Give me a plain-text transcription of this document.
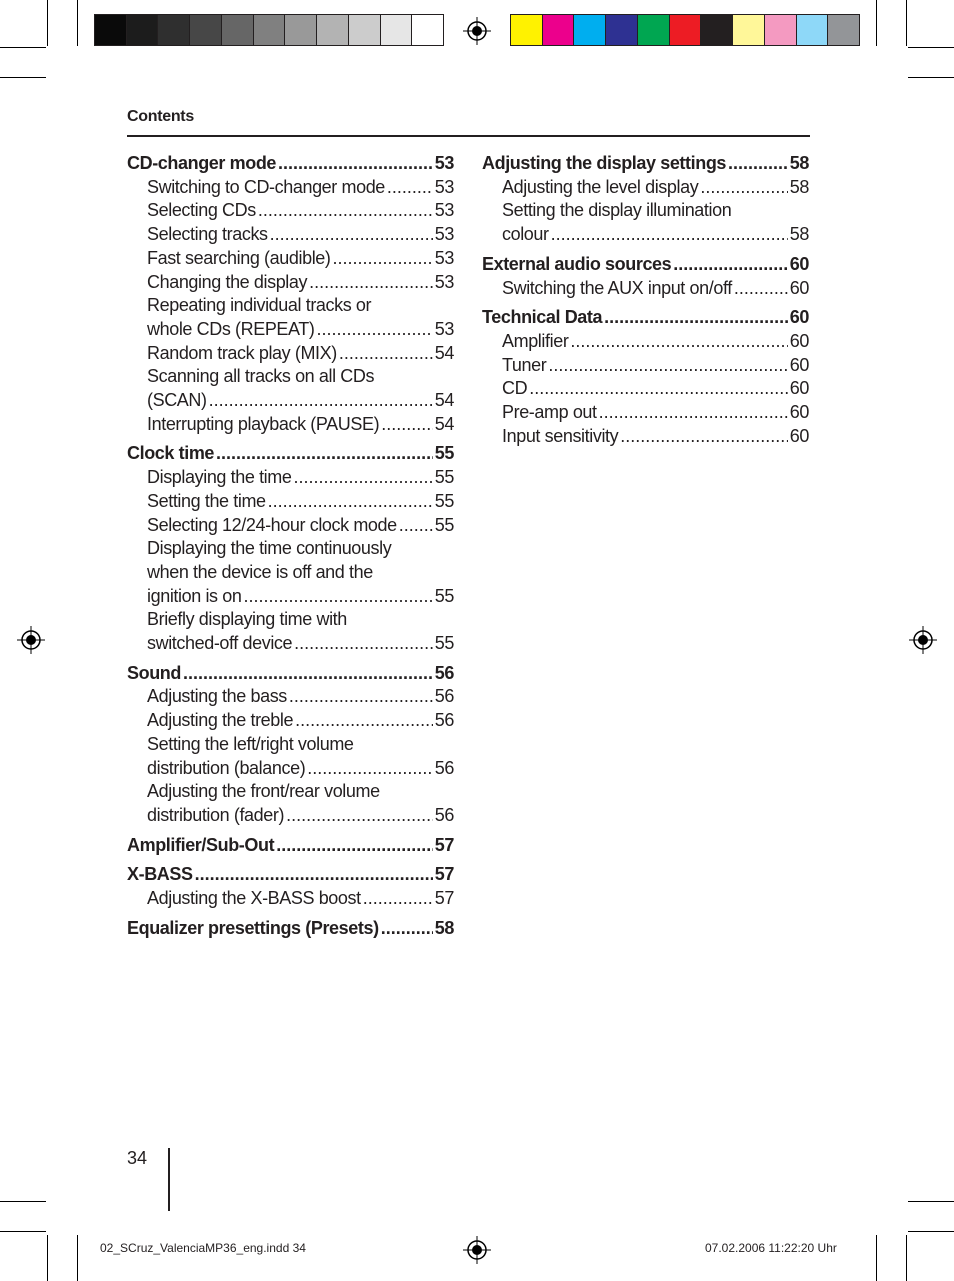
Contents
CD-changer mode .....	53
Switching to CD-changer mode .....	53
Selecting CDs .....	53
Selecting tracks .....	53
Fast searching (audible) .....	53
Changing the display .....	53
Repeating individual tracks or
whole CDs (REPEAT) .....	53
Random track play (MIX) .....	54
Scanning all tracks on all CDs
(SCAN) .....	54
Interrupting playback (PAUSE) .....	54
Clock time .....	55
Displaying the time .....	55
Setting the time .....	55
Selecting 12/24-hour clock mode ..... 55
Displaying the time continuously
when the device is off and the
ignition is on .....	55
Briefly displaying time with
switched-off device .....	55
Sound .....	56
Adjusting the bass .....	56
Adjusting the treble .....	56
Setting the left/right volume
distribution (balance) .....	56
Adjusting the front/rear volume
distribution (fader) .....	56
Amplifier/Sub-Out .....	57
X-BASS .....	57
Adjusting the X-BASS boost .....	57
Equalizer presettings (Presets) .....	58
Adjusting the display settings .....	58
Adjusting the level display .....	58
Setting the display illumination
colour .....	58
External audio sources .....	60
Switching the AUX input on/off .....	60
Technical Data .....	60
Amplifier .....	60
Tuner .....	60
CD .....	60
Pre-amp out .....	60
Input sensitivity .....	60
34
02_SCruz_ValenciaMP36_eng.indd 34	07.02.2006 11:22:20 Uhr
